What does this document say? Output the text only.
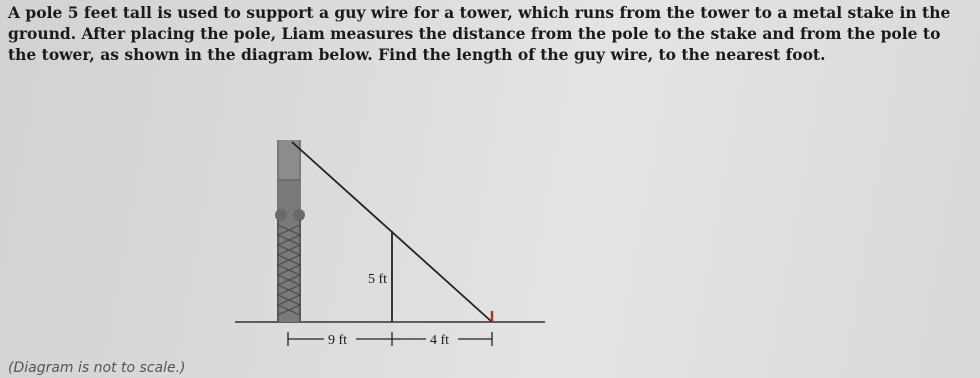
A pole 5 feet tall is used to support a guy wire for a tower, which runs from the tower to a metal stake in the ground. After placing the pole, Liam measures the distance from the pole to the stake and from the pole to the tower, as shown in the diagram below. Find the length of the guy wire, to the nearest foot.
5 ft
9 ft	4 ft
(Diagram is not to scale.)
